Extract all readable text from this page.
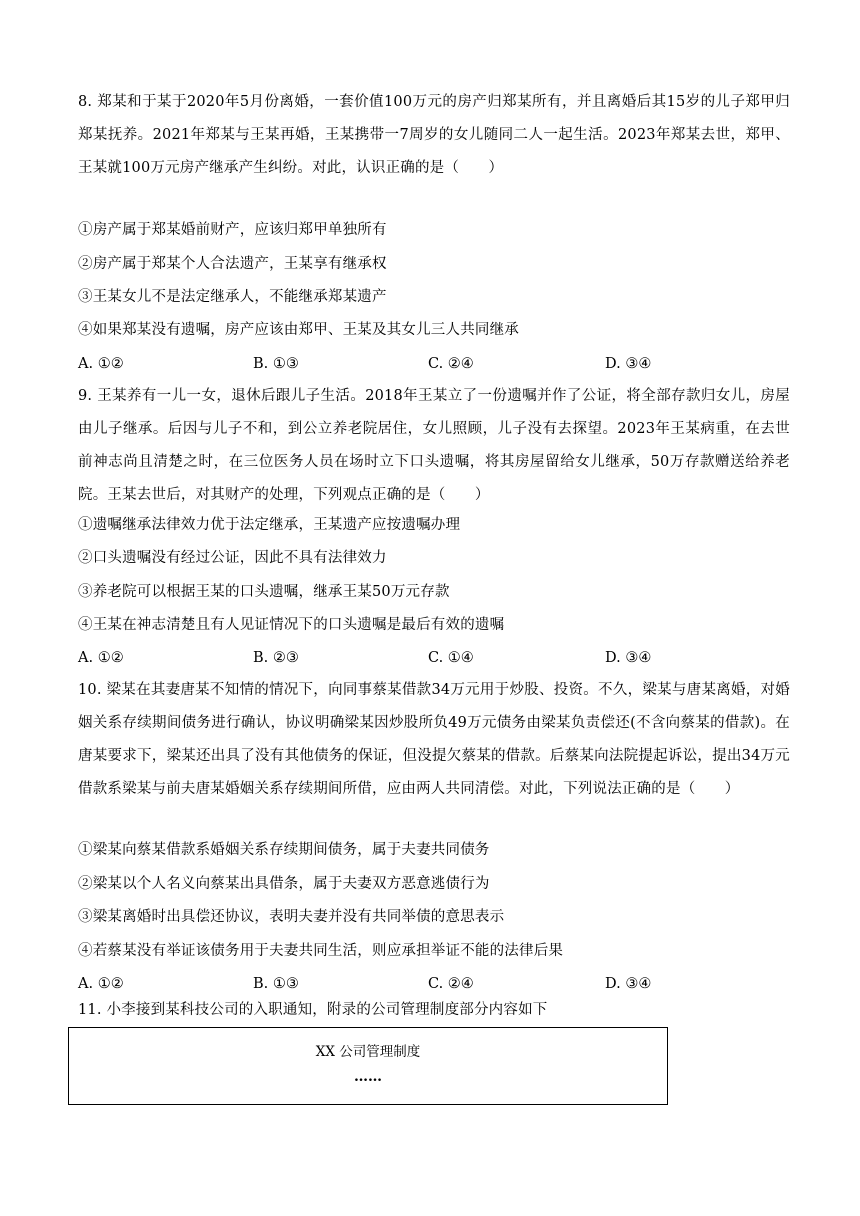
8. 郑某和于某于2020年5月份离婚，一套价值100万元的房产归郑某所有，并且离婚后其15岁的儿子郑甲归郑某抚养。2021年郑某与王某再婚，王某携带一7周岁的女儿随同二人一起生活。2023年郑某去世，郑甲、王某就100万元房产继承产生纠纷。对此，认识正确的是（　　）
①房产属于郑某婚前财产，应该归郑甲单独所有
②房产属于郑某个人合法遗产，王某享有继承权
③王某女儿不是法定继承人，不能继承郑某遗产
④如果郑某没有遗嘱，房产应该由郑甲、王某及其女儿三人共同继承
A. ①②	B. ①③	C. ②④	D. ③④
9. 王某养有一儿一女，退休后跟儿子生活。2018年王某立了一份遗嘱并作了公证，将全部存款归女儿，房屋由儿子继承。后因与儿子不和，到公立养老院居住，女儿照顾，儿子没有去探望。2023年王某病重，在去世前神志尚且清楚之时，在三位医务人员在场时立下口头遗嘱，将其房屋留给女儿继承，50万存款赠送给养老院。王某去世后，对其财产的处理，下列观点正确的是（　　）
①遗嘱继承法律效力优于法定继承，王某遗产应按遗嘱办理
②口头遗嘱没有经过公证，因此不具有法律效力
③养老院可以根据王某的口头遗嘱，继承王某50万元存款
④王某在神志清楚且有人见证情况下的口头遗嘱是最后有效的遗嘱
A. ①②	B. ②③	C. ①④	D. ③④
10. 梁某在其妻唐某不知情的情况下，向同事蔡某借款34万元用于炒股、投资。不久，梁某与唐某离婚，对婚姻关系存续期间债务进行确认，协议明确梁某因炒股所负49万元债务由梁某负责偿还(不含向蔡某的借款)。在唐某要求下，梁某还出具了没有其他债务的保证，但没提欠蔡某的借款。后蔡某向法院提起诉讼，提出34万元借款系梁某与前夫唐某婚姻关系存续期间所借，应由两人共同清偿。对此，下列说法正确的是（　　）
①梁某向蔡某借款系婚姻关系存续期间债务，属于夫妻共同债务
②梁某以个人名义向蔡某出具借条，属于夫妻双方恶意逃债行为
③梁某离婚时出具偿还协议，表明夫妻并没有共同举债的意思表示
④若蔡某没有举证该债务用于夫妻共同生活，则应承担举证不能的法律后果
A. ①②	B. ①③	C. ②④	D. ③④
11. 小李接到某科技公司的入职通知，附录的公司管理制度部分内容如下
XX 公司管理制度
……
